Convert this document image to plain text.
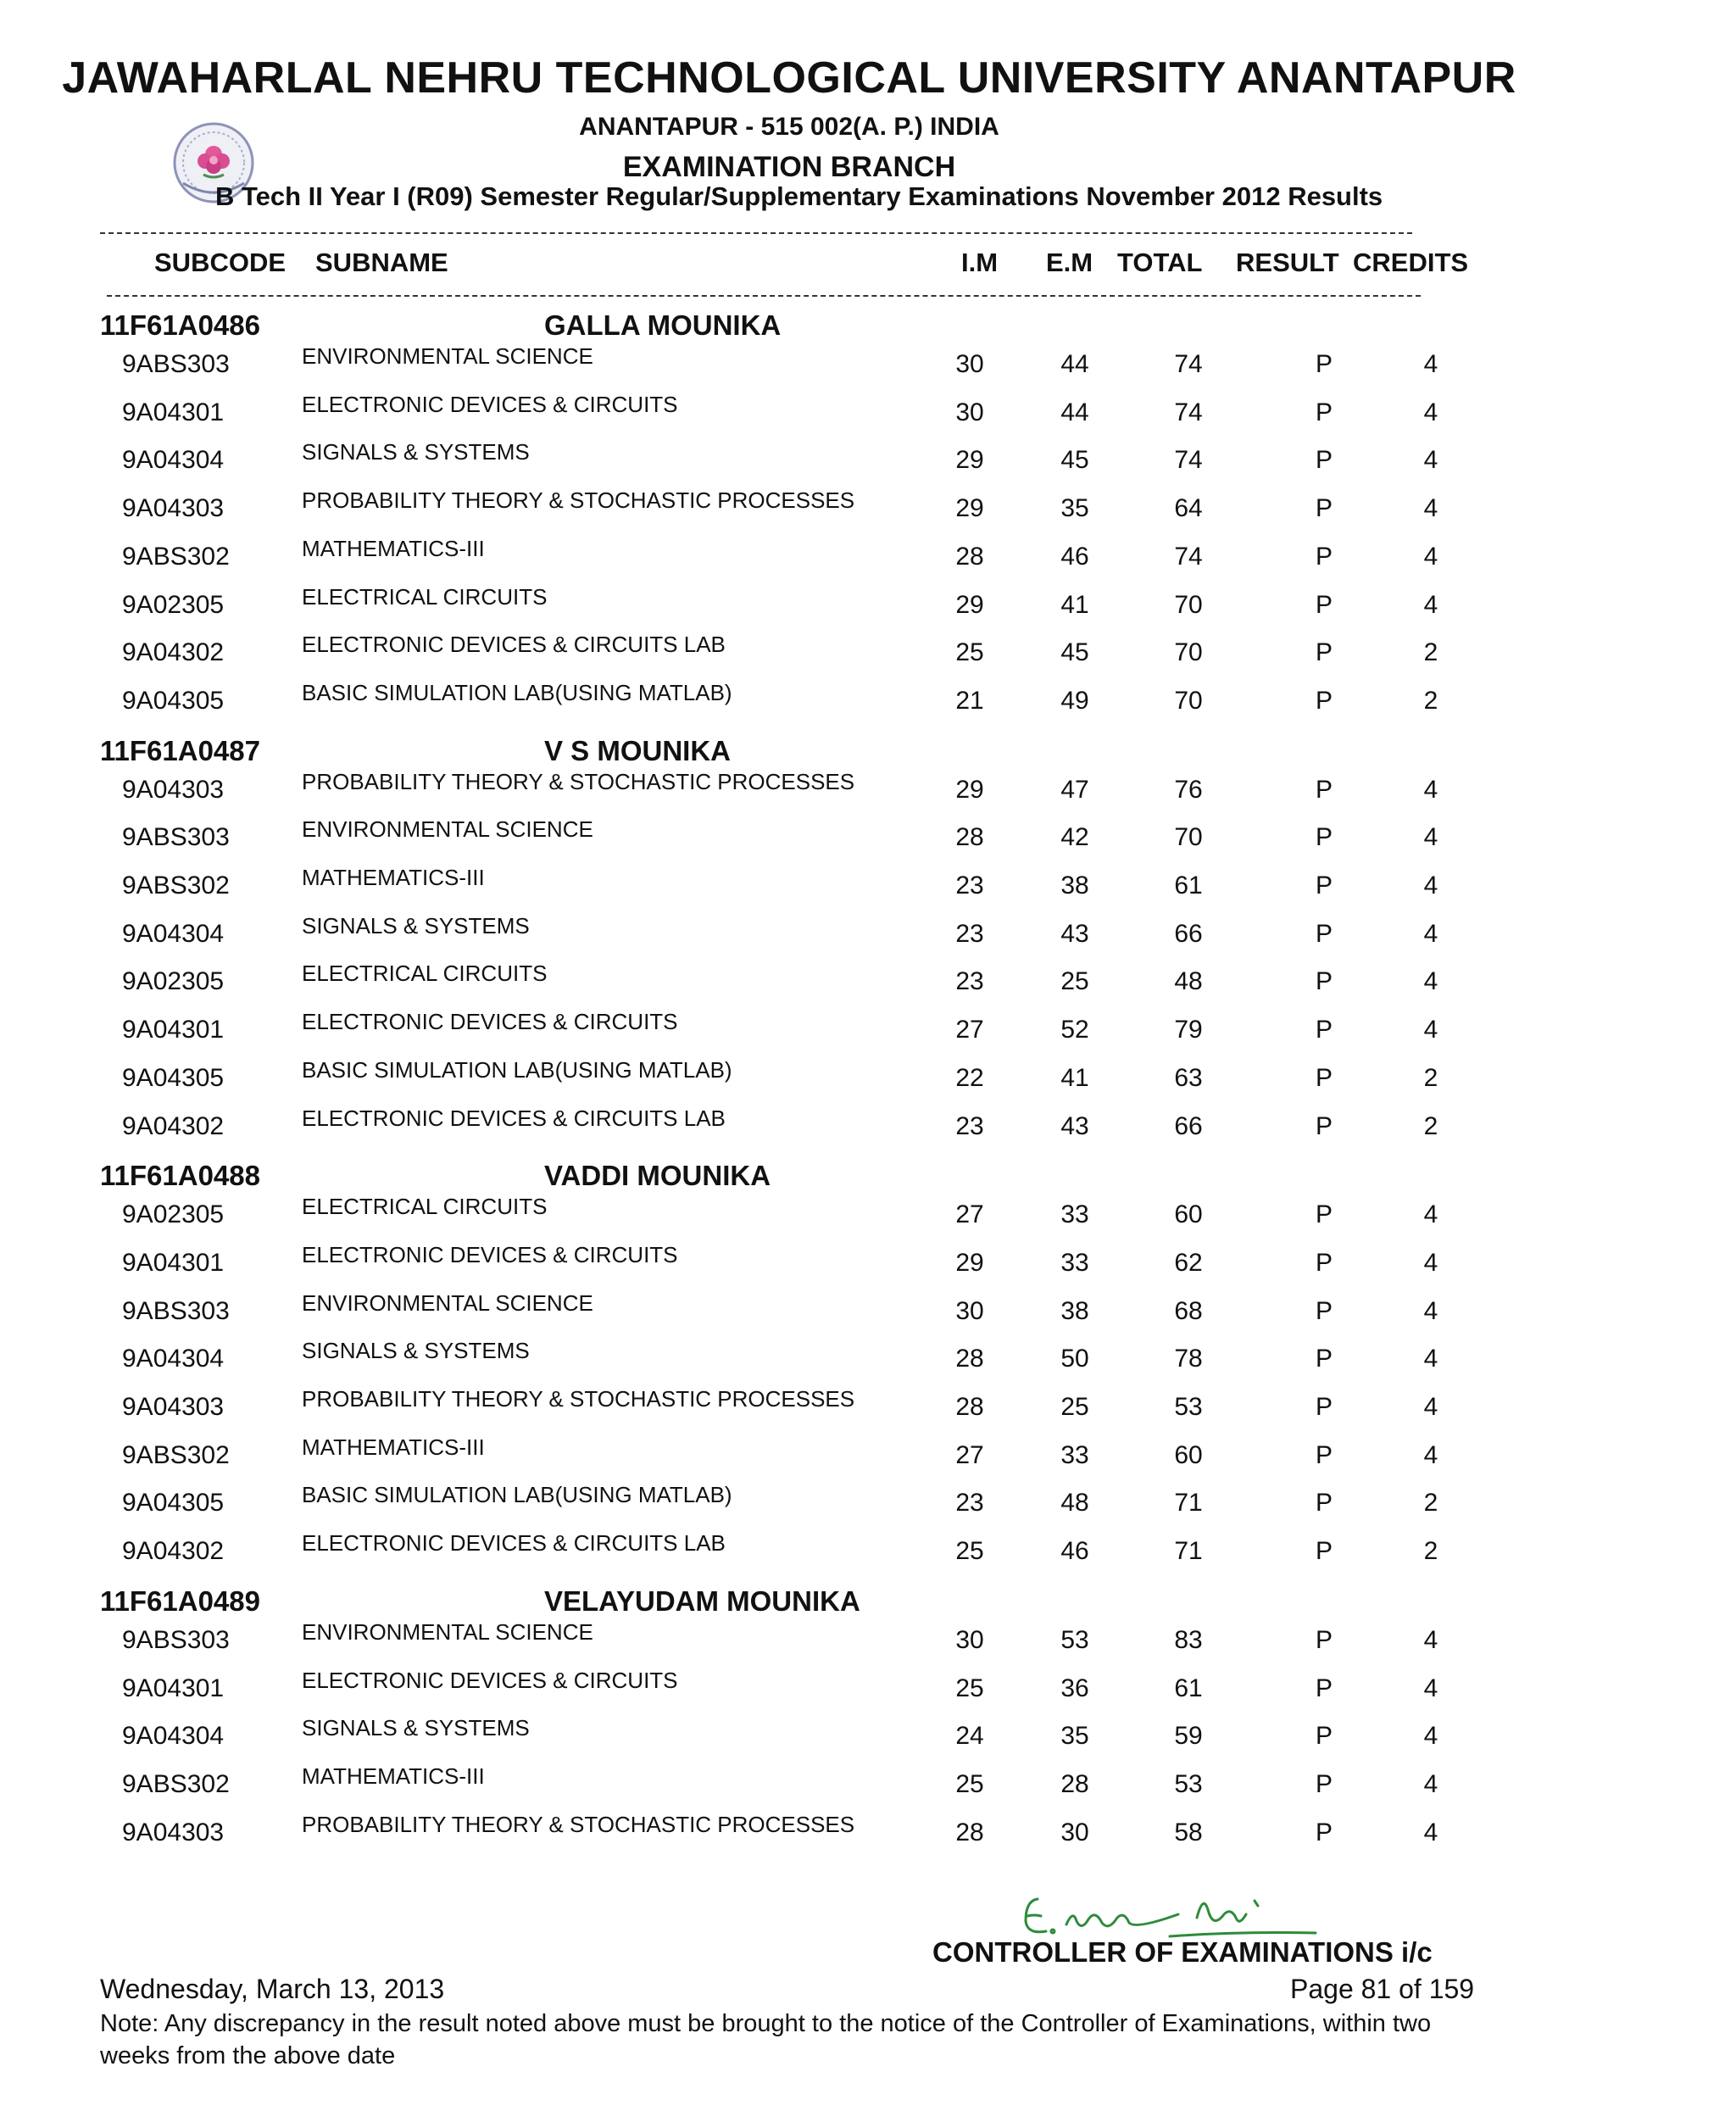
JAWAHARLAL NEHRU TECHNOLOGICAL UNIVERSITY ANANTAPUR
ANANTAPUR - 515 002(A. P.) INDIA
EXAMINATION BRANCH
B Tech II Year I (R09) Semester Regular/Supplementary Examinations November 2012 Results
SUBCODE SUBNAME	I.M E.M TOTAL RESULT CREDITS
11F61A0486	GALLA MOUNIKA
9ABS303	ENVIRONMENTAL SCIENCE	30	44	74	P	4
9A04301	ELECTRONIC DEVICES & CIRCUITS	30	44	74	P	4
9A04304	SIGNALS & SYSTEMS	29	45	74	P	4
9A04303	PROBABILITY THEORY & STOCHASTIC PROCESSES	29	35	64	P	4
9ABS302	MATHEMATICS-III	28	46	74	P	4
9A02305	ELECTRICAL CIRCUITS	29	41	70	P	4
9A04302	ELECTRONIC DEVICES & CIRCUITS LAB	25	45	70	P	2
9A04305	BASIC SIMULATION LAB(USING MATLAB)	21	49	70	P	2
11F61A0487	V S MOUNIKA
9A04303	PROBABILITY THEORY & STOCHASTIC PROCESSES	29	47	76	P	4
9ABS303	ENVIRONMENTAL SCIENCE	28	42	70	P	4
9ABS302	MATHEMATICS-III	23	38	61	P	4
9A04304	SIGNALS & SYSTEMS	23	43	66	P	4
9A02305	ELECTRICAL CIRCUITS	23	25	48	P	4
9A04301	ELECTRONIC DEVICES & CIRCUITS	27	52	79	P	4
9A04305	BASIC SIMULATION LAB(USING MATLAB)	22	41	63	P	2
9A04302	ELECTRONIC DEVICES & CIRCUITS LAB	23	43	66	P	2
11F61A0488	VADDI MOUNIKA
9A02305	ELECTRICAL CIRCUITS	27	33	60	P	4
9A04301	ELECTRONIC DEVICES & CIRCUITS	29	33	62	P	4
9ABS303	ENVIRONMENTAL SCIENCE	30	38	68	P	4
9A04304	SIGNALS & SYSTEMS	28	50	78	P	4
9A04303	PROBABILITY THEORY & STOCHASTIC PROCESSES	28	25	53	P	4
9ABS302	MATHEMATICS-III	27	33	60	P	4
9A04305	BASIC SIMULATION LAB(USING MATLAB)	23	48	71	P	2
9A04302	ELECTRONIC DEVICES & CIRCUITS LAB	25	46	71	P	2
11F61A0489	VELAYUDAM MOUNIKA
9ABS303	ENVIRONMENTAL SCIENCE	30	53	83	P	4
9A04301	ELECTRONIC DEVICES & CIRCUITS	25	36	61	P	4
9A04304	SIGNALS & SYSTEMS	24	35	59	P	4
9ABS302	MATHEMATICS-III	25	28	53	P	4
9A04303	PROBABILITY THEORY & STOCHASTIC PROCESSES	28	30	58	P	4
CONTROLLER OF EXAMINATIONS i/c
Wednesday, March 13, 2013	Page 81 of 159
Note: Any discrepancy in the result noted above must be brought to the notice of the Controller of Examinations, within two weeks from the above date
